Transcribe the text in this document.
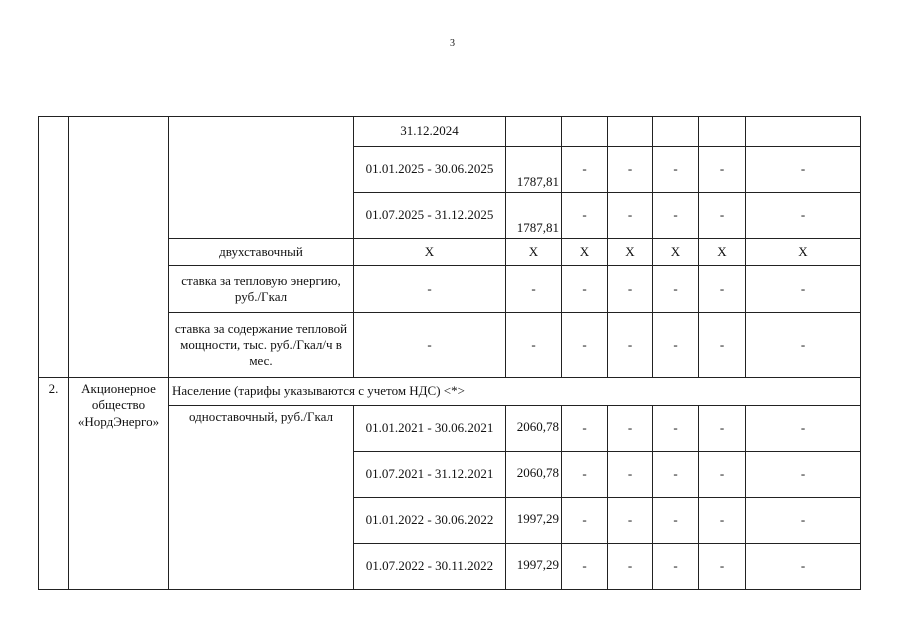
3
			31.12.2024						
			01.01.2025 - 30.06.2025	1787,81	-	-	-	-	-
			01.07.2025 - 31.12.2025	1787,81	-	-	-	-	-
		двухставочный	X	X	X	X	X	X	X
		ставка за тепловую энергию, руб./Гкал	-	-	-	-	-	-	-
		ставка за содержание тепловой мощности, тыс. руб./Гкал/ч в мес.	-	-	-	-	-	-	-
2.	Акционерное общество «НордЭнерго»	Население (тарифы указываются с учетом НДС) <*>							
		одноставочный, руб./Гкал	01.01.2021 - 30.06.2021	2060,78	-	-	-	-	-
			01.07.2021 - 31.12.2021	2060,78	-	-	-	-	-
			01.01.2022 - 30.06.2022	1997,29	-	-	-	-	-
			01.07.2022 - 30.11.2022	1997,29	-	-	-	-	-
